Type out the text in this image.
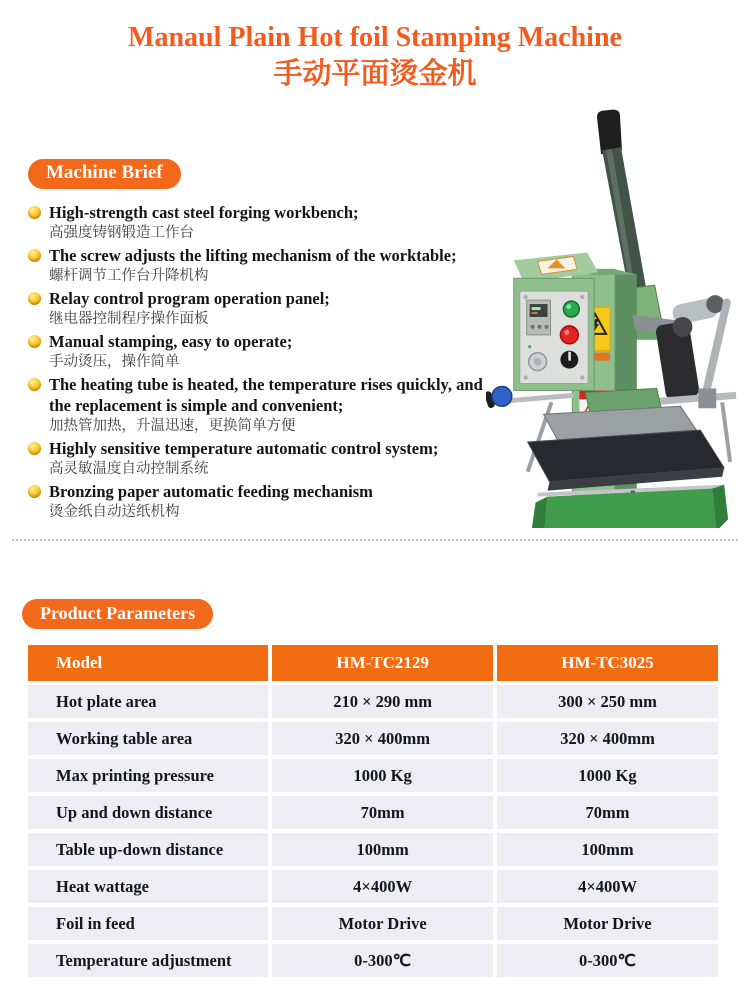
Manaul Plain Hot foil Stamping Machine
手动平面烫金机
Machine Brief
High-strength cast steel forging workbench;
高强度铸钢锻造工作台
The screw adjusts the lifting mechanism of the worktable;
螺杆调节工作台升降机构
Relay control program operation panel;
继电器控制程序操作面板
Manual stamping, easy to operate;
手动烫压，操作简单
The heating tube is heated, the temperature rises quickly, and the replacement is simple and convenient;
加热管加热，升温迅速，更换简单方便
Highly sensitive temperature automatic control system;
高灵敏温度自动控制系统
Bronzing paper automatic feeding mechanism
烫金纸自动送纸机构
Product Parameters
Model	HM-TC2129	HM-TC3025
Hot plate area	210 × 290 mm	300 × 250 mm
Working table area	320 × 400mm	320 × 400mm
Max printing pressure	1000 Kg	1000 Kg
Up and down distance	70mm	70mm
Table up-down distance	100mm	100mm
Heat wattage	4×400W	4×400W
Foil in feed	Motor Drive	Motor Drive
Temperature adjustment	0-300℃	0-300℃
